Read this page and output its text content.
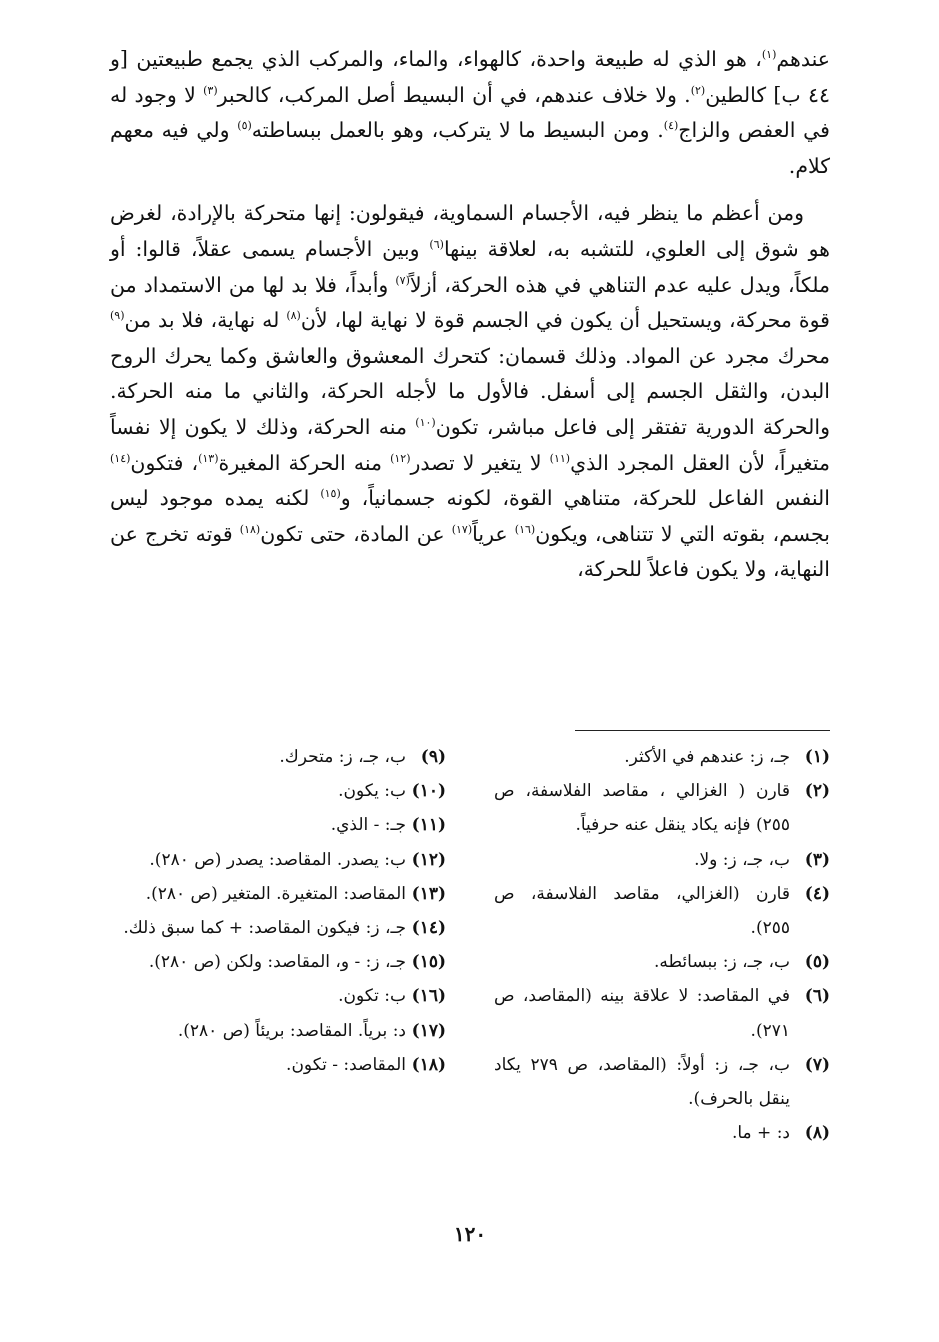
عندهم$^{(١)}$، هو الذي له طبيعة واحدة، كالهواء، والماء، والمركب الذي يجمع طبيعتين [و ٤٤ ب] كالطين$^{(٢)}$. ولا خلاف عندهم، في أن البسيط أصل المركب، كالحبر$^{(٣)}$ لا وجود له في العفص والزاج$^{(٤)}$. ومن البسيط ما لا يتركب، وهو بالعمل ببساطته$^{(٥)}$ ولي فيه معهم كلام.

ومن أعظم ما ينظر فيه، الأجسام السماوية، فيقولون: إنها متحركة بالإرادة، لغرض هو شوق إلى العلوي، للتشبه به، لعلاقة بينها$^{(٦)}$ وبين الأجسام يسمى عقلاً، قالوا: أو ملكاً، ويدل عليه عدم التناهي في هذه الحركة، أزلاً$^{(٧)}$ وأبداً، فلا بد لها من الاستمداد من قوة محركة، ويستحيل أن يكون في الجسم قوة لا نهاية لها، لأن$^{(٨)}$ له نهاية، فلا بد من$^{(٩)}$ محرك مجرد عن المواد. وذلك قسمان: كتحرك المعشوق والعاشق وكما يحرك الروح البدن، والثقل الجسم إلى أسفل. فالأول ما لأجله الحركة، والثاني ما منه الحركة. والحركة الدورية تفتقر إلى فاعل مباشر، تكون$^{(١٠)}$ منه الحركة، وذلك لا يكون إلا نفساً متغيراً، لأن العقل المجرد الذي$^{(١١)}$ لا يتغير لا تصدر$^{(١٢)}$ منه الحركة المغيرة$^{(١٣)}$، فتكون$^{(١٤)}$ النفس الفاعل للحركة، متناهي القوة، لكونه جسمانياً، و$^{(١٥)}$ لكنه يمده موجود ليس بجسم، بقوته التي لا تتناهى، ويكون$^{(١٦)}$ عرياً$^{(١٧)}$ عن المادة، حتى تكون$^{(١٨)}$ قوته تخرج عن النهاية، ولا يكون فاعلاً للحركة،

(١)
جـ، ز: عندهم في الأكثر.
(٢)
قارن ( الغزالي ، مقاصد الفلاسفة، ص ٢٥٥) فإنه يكاد ينقل عنه حرفياً.
(٣)
ب، جـ، ز: ولا.
(٤)
قارن (الغزالي، مقاصد الفلاسفة، ص ٢٥٥).
(٥)
ب، جـ، ز: ببسائطه.
(٦)
في المقاصد: لا علاقة بينه (المقاصد، ص ٢٧١).
(٧)
ب، جـ، ز: أولاً: (المقاصد، ص ٢٧٩ يكاد ينقل بالحرف).
(٨)
د: + ما.
(٩)
ب، جـ، ز: متحرك.
(١٠)
ب: يكون.
(١١)
جـ: - الذي.
(١٢)
ب: يصدر. المقاصد: يصدر (ص ٢٨٠).
(١٣)
المقاصد: المتغيرة. المتغير (ص ٢٨٠).
(١٤)
جـ، ز: فيكون المقاصد: + كما سبق ذلك.
(١٥)
جـ، ز: - و، المقاصد: ولكن (ص ٢٨٠).
(١٦)
ب: تكون.
(١٧)
د: برياً. المقاصد: بريئاً (ص ٢٨٠).
(١٨)
المقاصد: - تكون.
١٢٠
